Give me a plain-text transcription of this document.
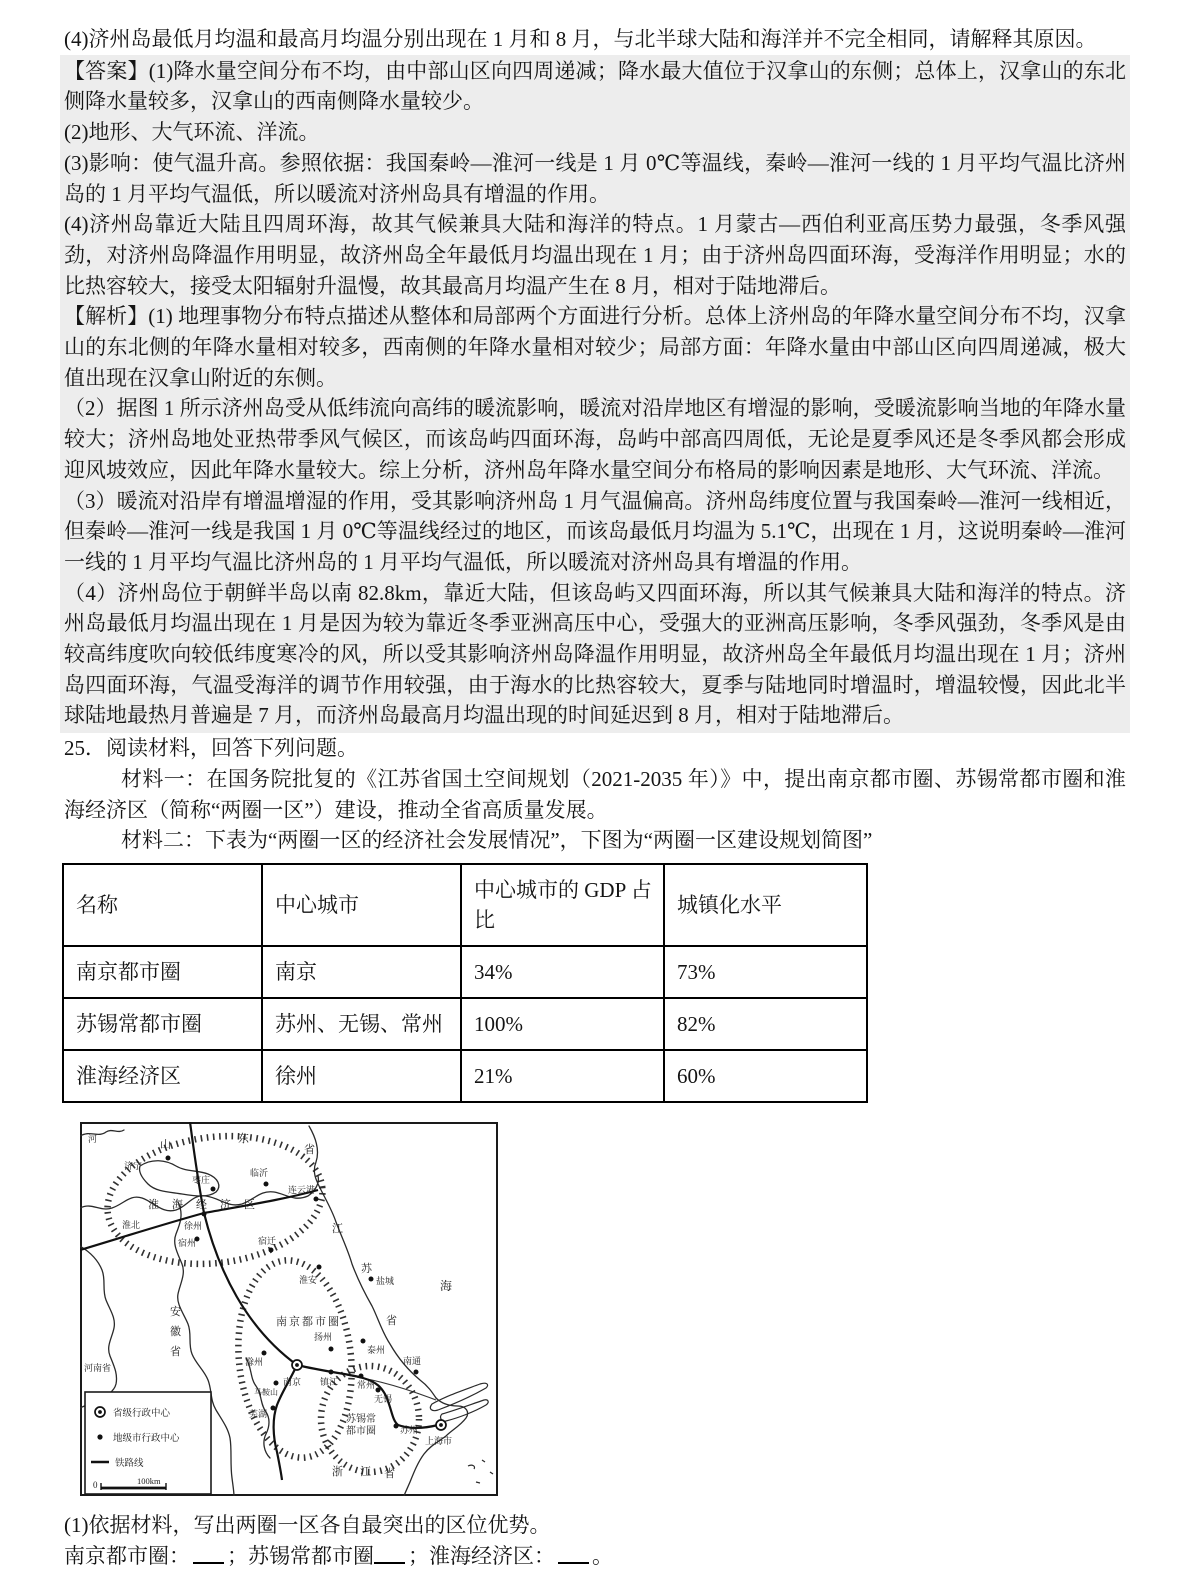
(4)济州岛最低月均温和最高月均温分别出现在 1 月和 8 月，与北半球大陆和海洋并不完全相同，请解释其原因。

【答案】(1)降水量空间分布不均，由中部山区向四周递减；降水最大值位于汉拿山的东侧；总体上，汉拿山的东北侧降水量较多，汉拿山的西南侧降水量较少。

(2)地形、大气环流、洋流。

(3)影响：使气温升高。参照依据：我国秦岭—淮河一线是 1 月 0℃等温线，秦岭—淮河一线的 1 月平均气温比济州岛的 1 月平均气温低，所以暖流对济州岛具有增温的作用。

(4)济州岛靠近大陆且四周环海，故其气候兼具大陆和海洋的特点。1 月蒙古—西伯利亚高压势力最强，冬季风强劲，对济州岛降温作用明显，故济州岛全年最低月均温出现在 1 月；由于济州岛四面环海，受海洋作用明显；水的比热容较大，接受太阳辐射升温慢，故其最高月均温产生在 8 月，相对于陆地滞后。

【解析】(1) 地理事物分布特点描述从整体和局部两个方面进行分析。总体上济州岛的年降水量空间分布不均，汉拿山的东北侧的年降水量相对较多，西南侧的年降水量相对较少；局部方面：年降水量由中部山区向四周递减，极大值出现在汉拿山附近的东侧。

（2）据图 1 所示济州岛受从低纬流向高纬的暖流影响，暖流对沿岸地区有增湿的影响，受暖流影响当地的年降水量较大；济州岛地处亚热带季风气候区，而该岛屿四面环海，岛屿中部高四周低，无论是夏季风还是冬季风都会形成迎风坡效应，因此年降水量较大。综上分析，济州岛年降水量空间分布格局的影响因素是地形、大气环流、洋流。

（3）暖流对沿岸有增温增湿的作用，受其影响济州岛 1 月气温偏高。济州岛纬度位置与我国秦岭—淮河一线相近，但秦岭—淮河一线是我国 1 月 0℃等温线经过的地区，而该岛最低月均温为 5.1℃，出现在 1 月，这说明秦岭—淮河一线的 1 月平均气温比济州岛的 1 月平均气温低，所以暖流对济州岛具有增温的作用。

（4）济州岛位于朝鲜半岛以南 82.8km，靠近大陆，但该岛屿又四面环海，所以其气候兼具大陆和海洋的特点。济州岛最低月均温出现在 1 月是因为较为靠近冬季亚洲高压中心，受强大的亚洲高压影响，冬季风强劲，冬季风是由较高纬度吹向较低纬度寒冷的风，所以受其影响济州岛降温作用明显，故济州岛全年最低月均温出现在 1 月；济州岛四面环海，气温受海洋的调节作用较强，由于海水的比热容较大，夏季与陆地同时增温时，增温较慢，因此北半球陆地最热月普遍是 7 月，而济州岛最高月均温出现的时间延迟到 8 月，相对于陆地滞后。

25．阅读材料，回答下列问题。

材料一：在国务院批复的《江苏省国土空间规划（2021-2035 年）》中，提出南京都市圈、苏锡常都市圈和淮海经济区（简称“两圈一区”）建设，推动全省高质量发展。

材料二：下表为“两圈一区的经济社会发展情况”，下图为“两圈一区建设规划简图”

名称	中心城市	中心城市的 GDP 占比	城镇化水平
南京都市圈	南京	34%	73%
苏锡常都市圈	苏州、无锡、常州	100%	82%
淮海经济区	徐州	21%	60%
河	山	东
省
济宁
枣庄
临沂
连云港
淮海经济区
徐州
淮北
宿州	宿迁
淮安
江
苏
省
盐城	海
南京都市圈
滁州
扬州
泰州
南通
南京 镇江
马鞍山
常州
无锡
芜湖	苏锡常
都市圈	苏州
上海市
浙 江 省
安
徽
省
河南省
省级行政中心
地级市行政中心
铁路线
0	100km

(1)依据材料，写出两圈一区各自最突出的区位优势。

南京都市圈： ；苏锡常都市圈 ；淮海经济区： 。
